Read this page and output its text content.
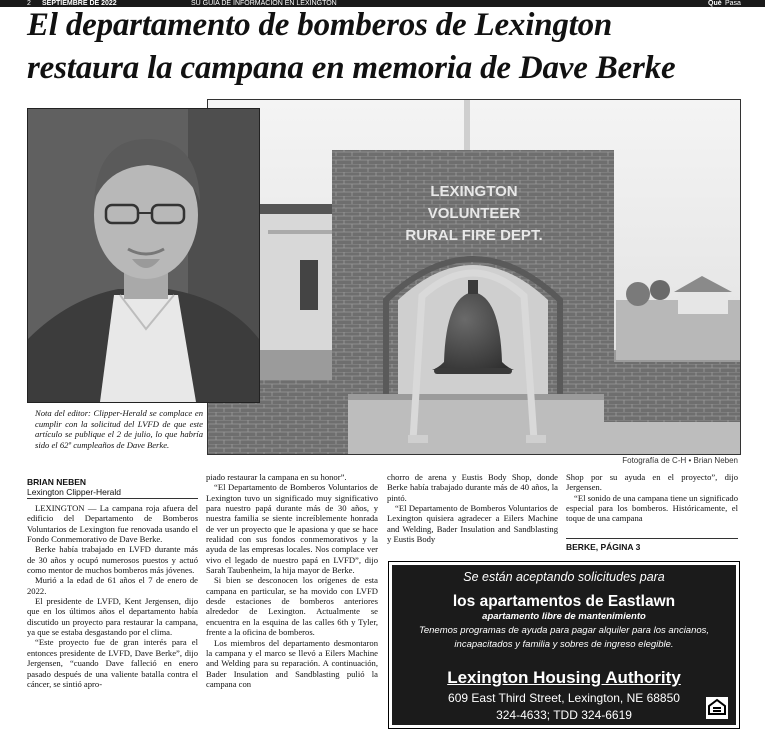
2 SEPTIEMBRE DE 2022	SU GUÍA DE INFORMACIÓN EN LEXINGTON	Qué Pasa
El departamento de bomberos de Lexington
restaura la campana en memoria de Dave Berke
LEXINGTON
VOLUNTEER
RURAL FIRE DEPT.

Nota del editor: Clipper-Herald se complace en cumplir con la solicitud del LVFD de que este artículo se publique el 2 de julio, lo que habría sido el 62º cumpleaños de Dave Berke.

Fotografía de C-H • Brian Neben
BRIAN NEBEN
Lexington Clipper-Herald

LEXINGTON — La campana roja afuera del edificio del Departamento de Bomberos Voluntarios de Lexington fue renovada usando el Fondo Conmemorativo de Dave Berke.

Berke había trabajado en LVFD durante más de 30 años y ocupó numerosos puestos y actuó como mentor de muchos bomberos más jóvenes.

Murió a la edad de 61 años el 7 de enero de 2022.

El presidente de LVFD, Kent Jergensen, dijo que en los últimos años el departamento había discutido un proyecto para restaurar la campana, ya que se estaba desgastando por el clima.

“Este proyecto fue de gran interés para el entonces presidente de LVFD, Dave Berke”, dijo Jergensen, “cuando Dave falleció en enero pasado después de una valiente batalla contra el cáncer, se sintió apro-

piado restaurar la campana en su honor”.

“El Departamento de Bomberos Voluntarios de Lexington tuvo un significado muy significativo para nuestro papá durante más de 30 años, y nuestra familia se siente increíblemente honrada de ver un proyecto que le apasiona y que se hace realidad con sus fondos conmemorativos y la ayuda de las empresas locales. Nos complace ver vivo el legado de nuestro papá en LVFD”, dijo Sarah Taubenheim, la hija mayor de Berke.

Si bien se desconocen los orígenes de esta campana en particular, se ha movido con LVFD desde estaciones de bomberos anteriores alrededor de Lexington. Actualmente se encuentra en la esquina de las calles 6th y Tyler, frente a la oficina de bomberos.

Los miembros del departamento desmontaron la campana y el marco se llevó a Eilers Machine and Welding para su reparación. A continuación, Bader Insulation and Sandblasting pulió la campana con

chorro de arena y Eustis Body Shop, donde Berke había trabajado durante más de 40 años, la pintó.

“El Departamento de Bomberos Voluntarios de Lexington quisiera agradecer a Eilers Machine and Welding, Bader Insulation and Sandblasting y Eustis Body

Shop por su ayuda en el proyecto”, dijo Jergensen.

“El sonido de una campana tiene un significado especial para los bomberos. Históricamente, el toque de una campana

BERKE, PÁGINA 3
Se están aceptando solicitudes para
los apartamentos de Eastlawn
apartamento libre de mantenimiento
Tenemos programas de ayuda para pagar alquiler para los ancianos,
incapacitados y familia y sobres de ingreso elegible.
Lexington Housing Authority
609 East Third Street, Lexington, NE 68850
324-4633; TDD 324-6619
